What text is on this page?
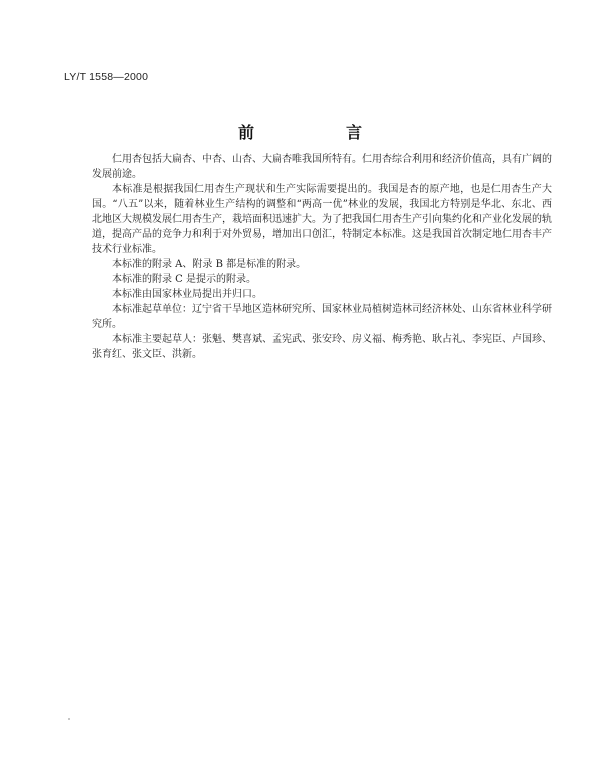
LY/T 1558—2000
前　言

仁用杏包括大扁杏、中杏、山杏、大扁杏唯我国所特有。仁用杏综合利用和经济价值高，具有广阔的发展前途。

本标准是根据我国仁用杏生产现状和生产实际需要提出的。我国是杏的原产地，也是仁用杏生产大国。“八五”以来，随着林业生产结构的调整和“两高一优”林业的发展，我国北方特别是华北、东北、西北地区大规模发展仁用杏生产，栽培面积迅速扩大。为了把我国仁用杏生产引向集约化和产业化发展的轨道，提高产品的竞争力和利于对外贸易，增加出口创汇，特制定本标准。这是我国首次制定地仁用杏丰产技术行业标准。

本标准的附录 A、附录 B 都是标准的附录。

本标准的附录 C 是提示的附录。

本标准由国家林业局提出并归口。

本标准起草单位：辽宁省干旱地区造林研究所、国家林业局植树造林司经济林处、山东省林业科学研究所。

本标准主要起草人：张魁、樊喜斌、孟宪武、张安玲、房义福、梅秀艳、耿占礼、李宪臣、卢国珍、张育红、张文臣、洪新。
